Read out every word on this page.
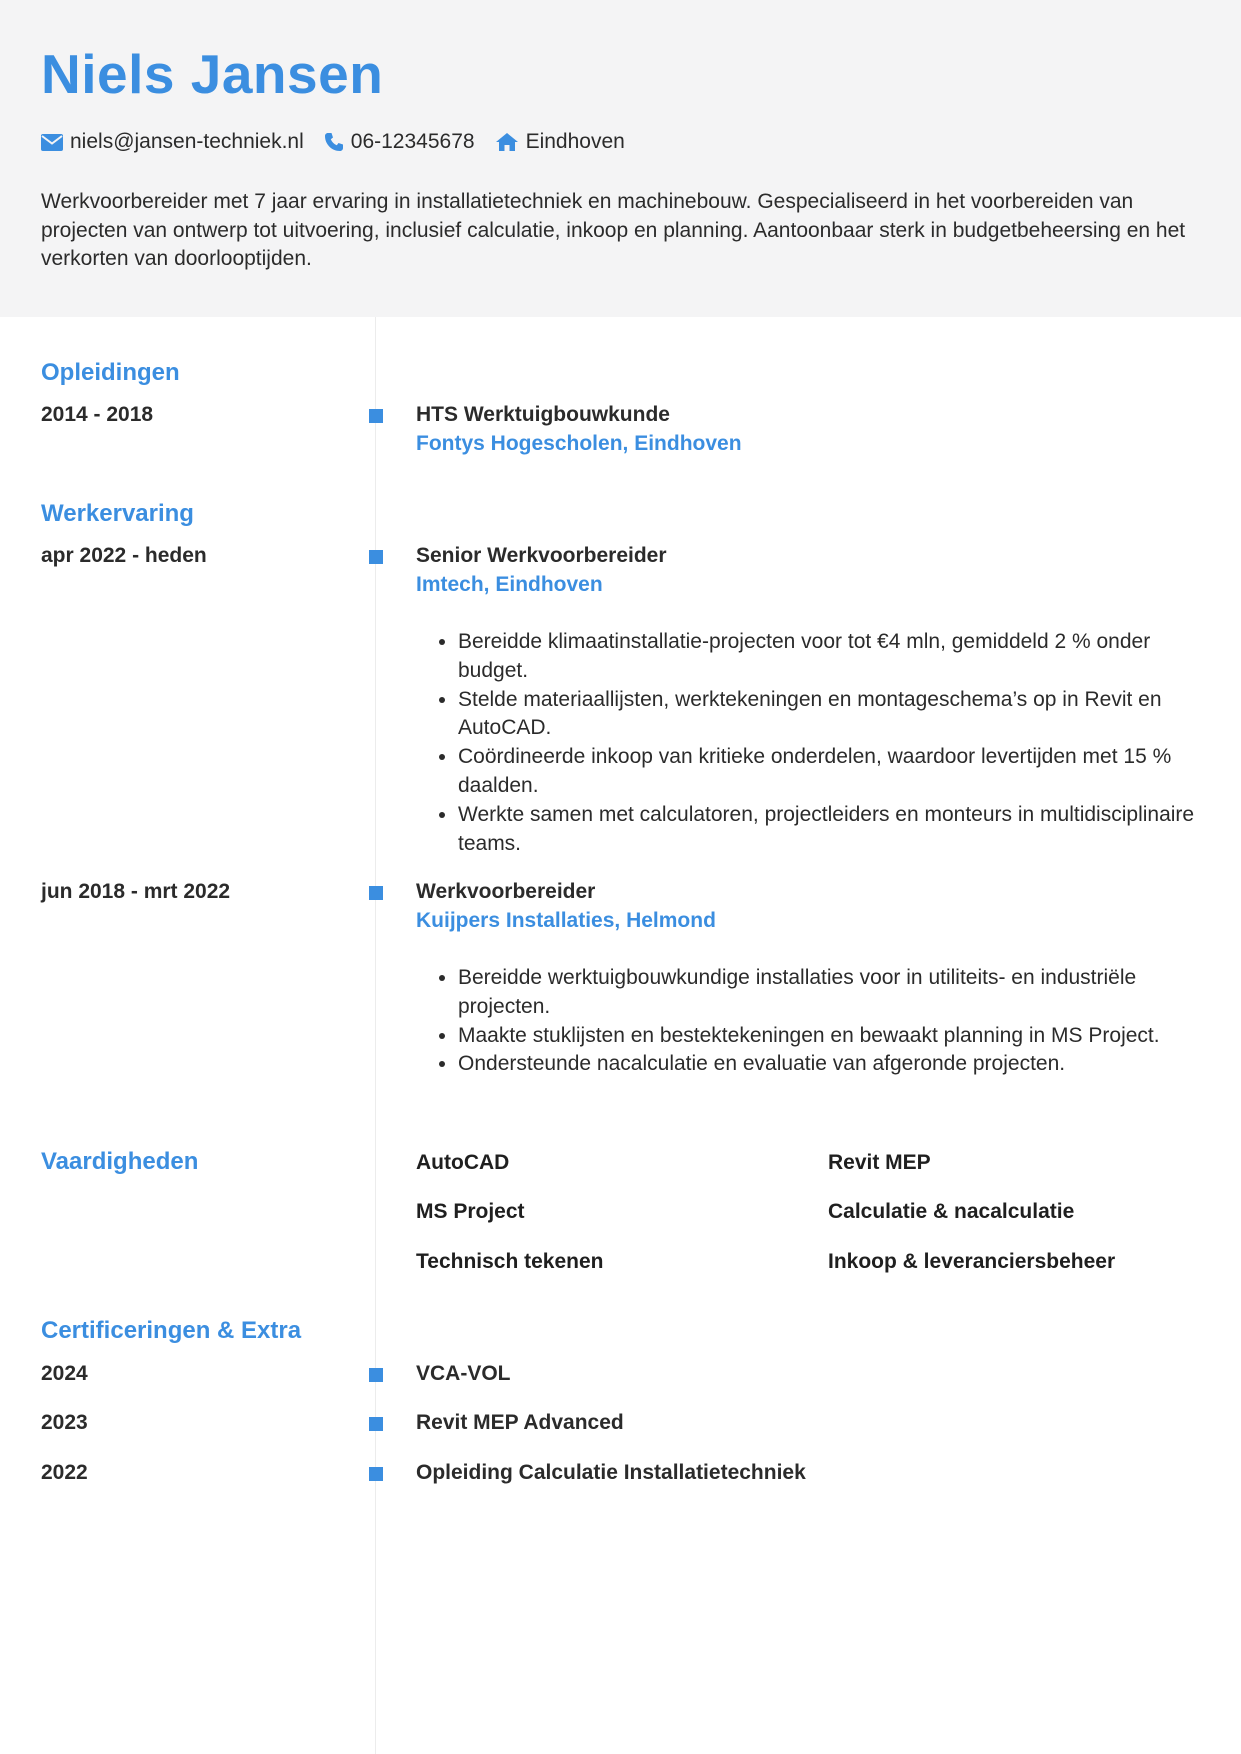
Niels Jansen
niels@jansen-techniek.nl 06-12345678 Eindhoven

Werkvoorbereider met 7 jaar ervaring in installatietechniek en machinebouw. Gespecialiseerd in het voorbereiden van projecten van ontwerp tot uitvoering, inclusief calculatie, inkoop en planning. Aantoonbaar sterk in budgetbeheersing en het verkorten van doorlooptijden.

Opleidingen
2014 - 2018	HTS Werktuigbouwkunde
Fontys Hogescholen, Eindhoven
Werkervaring
apr 2022 - heden	Senior Werkvoorbereider
Imtech, Eindhoven
• Bereidde klimaatinstallatie-projecten voor tot €4 mln, gemiddeld 2 % onder budget.
• Stelde materiaallijsten, werktekeningen en montageschema’s op in Revit en AutoCAD.
• Coördineerde inkoop van kritieke onderdelen, waardoor levertijden met 15 % daalden.
• Werkte samen met calculatoren, projectleiders en monteurs in multidisciplinaire teams.
jun 2018 - mrt 2022	Werkvoorbereider
Kuijpers Installaties, Helmond
• Bereidde werktuigbouwkundige installaties voor in utiliteits- en industriële projecten.
• Maakte stuklijsten en bestektekeningen en bewaakt planning in MS Project.
• Ondersteunde nacalculatie en evaluatie van afgeronde projecten.
Vaardigheden	AutoCAD	Revit MEP
MS Project	Calculatie & nacalculatie
Technisch tekenen	Inkoop & leveranciersbeheer
Certificeringen & Extra
2024	VCA-VOL
2023	Revit MEP Advanced
2022	Opleiding Calculatie Installatietechniek
